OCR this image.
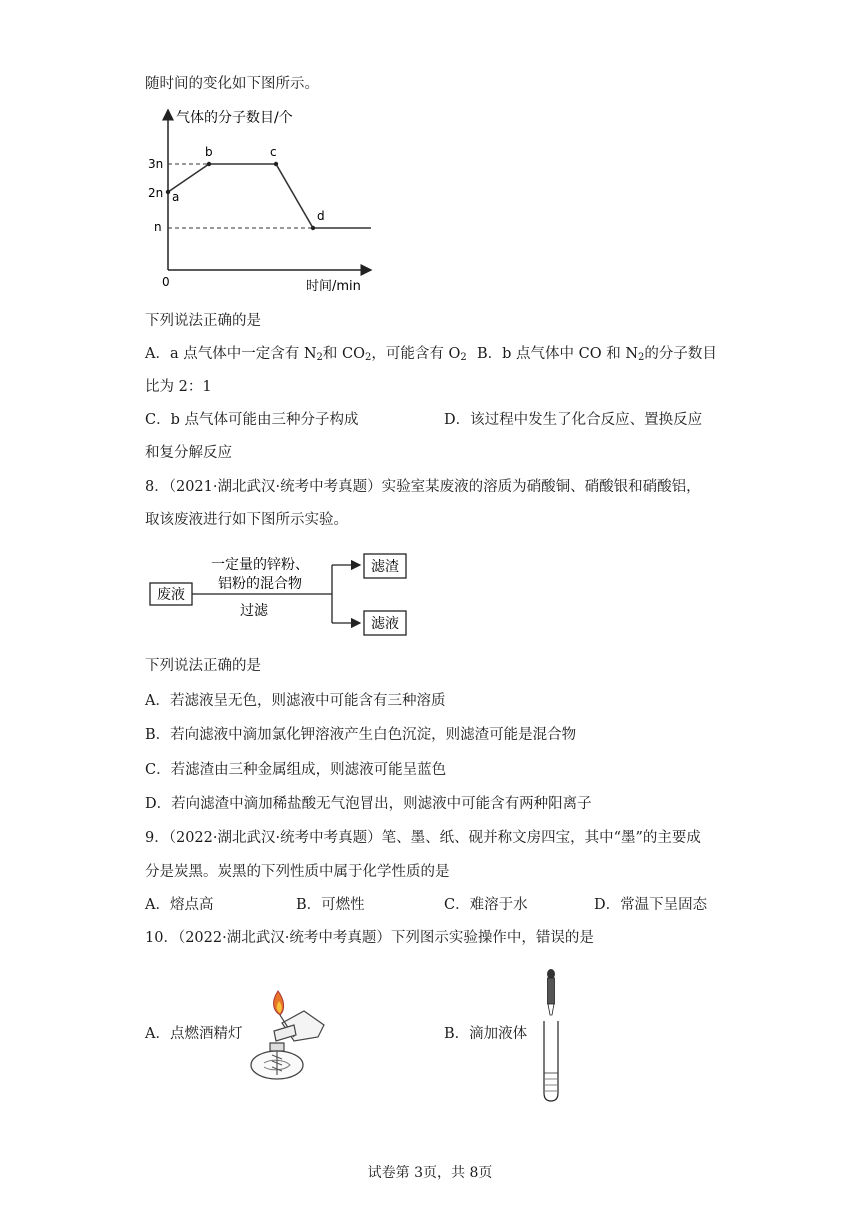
随时间的变化如下图所示。
气体的分子数目/个
时间/min
0
3n
2n
n
a
b	c
d
下列说法正确的是
A．a 点气体中一定含有 $N_2$和 $CO_2$，可能含有 $O_2$ B．b 点气体中 CO 和 $N_2$的分子数目
比为 2：1
C．b 点气体可能由三种分子构成	D．该过程中发生了化合反应、置换反应
和复分解反应
8．（2021·湖北武汉·统考中考真题）实验室某废液的溶质为硝酸铜、硝酸银和硝酸铝，
取该废液进行如下图所示实验。
废液
一定量的锌粉、
铝粉的混合物
过滤
滤渣
滤液
下列说法正确的是
A．若滤液呈无色，则滤液中可能含有三种溶质
B．若向滤液中滴加氯化钾溶液产生白色沉淀，则滤渣可能是混合物
C．若滤渣由三种金属组成，则滤液可能呈蓝色
D．若向滤渣中滴加稀盐酸无气泡冒出，则滤液中可能含有两种阳离子
9．（2022·湖北武汉·统考中考真题）笔、墨、纸、砚并称文房四宝，其中“墨”的主要成
分是炭黑。炭黑的下列性质中属于化学性质的是
A．熔点高	B．可燃性	C．难溶于水	D．常温下呈固态
10．（2022·湖北武汉·统考中考真题）下列图示实验操作中，错误的是
A．点燃酒精灯	B．滴加液体
试卷第 3页，共 8页
